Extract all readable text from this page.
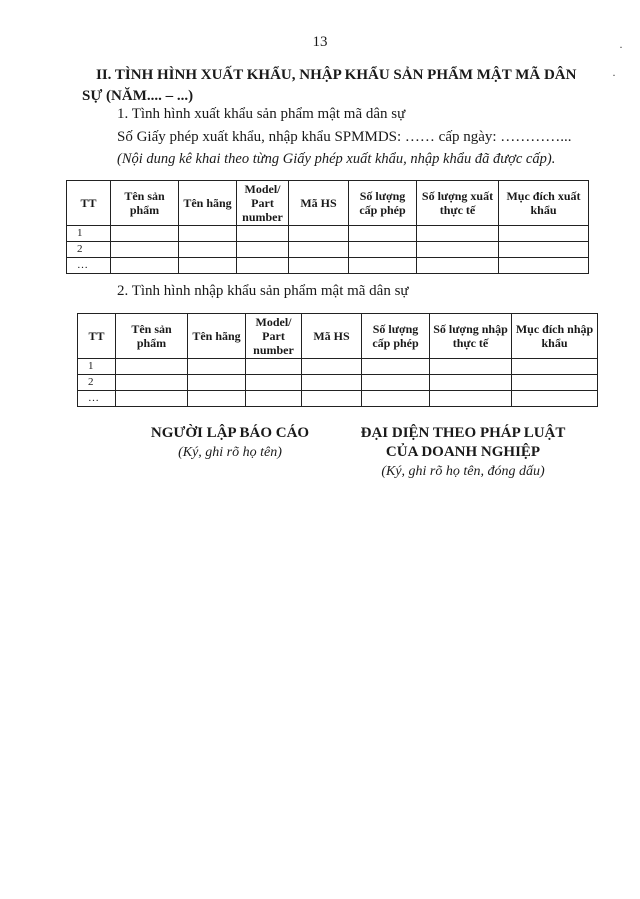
13	·
·
II. TÌNH HÌNH XUẤT KHẨU, NHẬP KHẨU SẢN PHẨM MẬT MÃ DÂN
SỰ (NĂM.... – ...)
1. Tình hình xuất khẩu sản phẩm mật mã dân sự
Số Giấy phép xuất khẩu, nhập khẩu SPMMDS: …… cấp ngày: …………...
(Nội dung kê khai theo từng Giấy phép xuất khẩu, nhập khẩu đã được cấp).
TT	Tên sản phẩm	Tên hãng	Model/ Part number	Mã HS	Số lượng cấp phép	Số lượng xuất thực tế	Mục đích xuất khẩu
1							
2							
…							
2. Tình hình nhập khẩu sản phẩm mật mã dân sự
TT	Tên sản phẩm	Tên hãng	Model/ Part number	Mã HS	Số lượng cấp phép	Số lượng nhập thực tế	Mục đích nhập khẩu
1							
2							
…							
NGƯỜI LẬP BÁO CÁO
(Ký, ghi rõ họ tên)
ĐẠI DIỆN THEO PHÁP LUẬT
CỦA DOANH NGHIỆP
(Ký, ghi rõ họ tên, đóng dấu)
